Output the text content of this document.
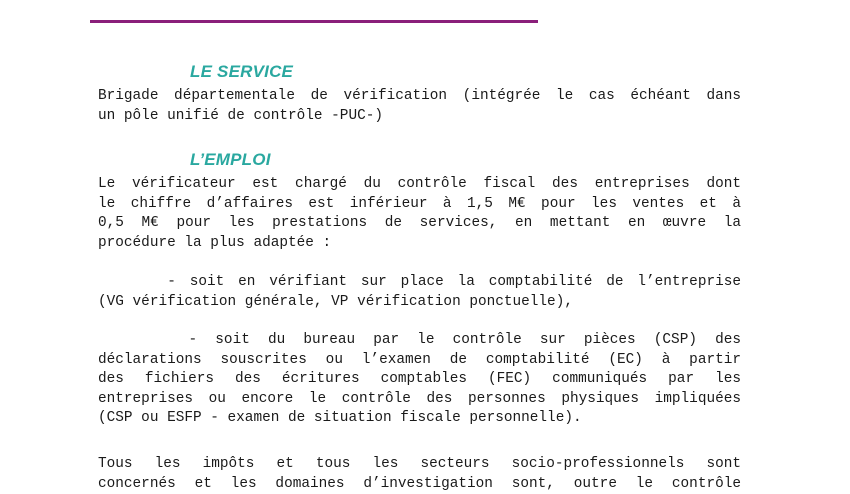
LE SERVICE
Brigade départementale de vérification (intégrée le cas échéant dans
un pôle unifié de contrôle -PUC-)
L’EMPLOI
Le vérificateur est chargé du contrôle fiscal des entreprises dont
le chiffre d’affaires est inférieur à 1,5 M€ pour les ventes et à
0,5 M€ pour les prestations de services, en mettant en œuvre la
procédure la plus adaptée :
- soit en vérifiant sur place la comptabilité de l’entreprise
(VG vérification générale, VP vérification ponctuelle),
- soit du bureau par le contrôle sur pièces (CSP) des
déclarations souscrites ou l’examen de comptabilité (EC) à partir
des fichiers des écritures comptables (FEC) communiqués par les
entreprises ou encore le contrôle des personnes physiques impliquées
(CSP ou ESFP - examen de situation fiscale personnelle).
Tous les impôts et tous les secteurs socio-professionnels sont
concernés et les domaines d’investigation sont, outre le contrôle
